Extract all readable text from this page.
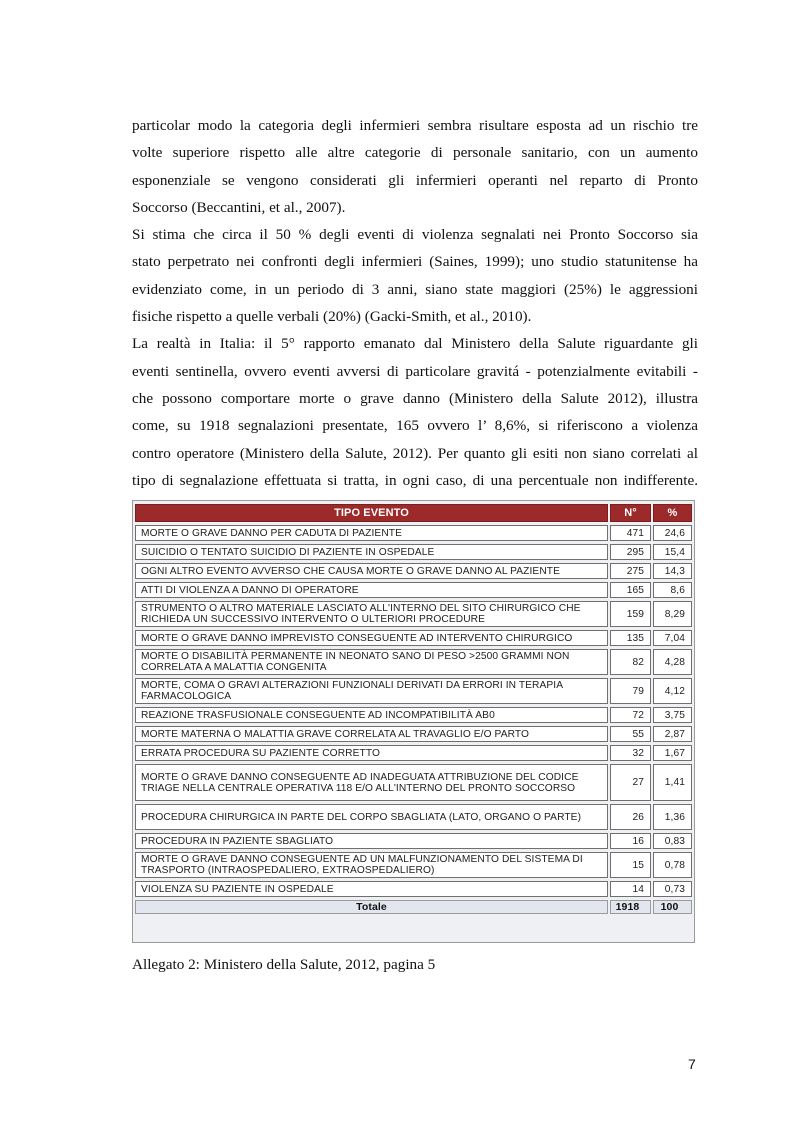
particolar modo la categoria degli infermieri sembra risultare esposta ad un rischio tre
volte superiore rispetto alle altre categorie di personale sanitario, con un aumento
esponenziale se vengono considerati gli infermieri operanti nel reparto di Pronto
Soccorso (Beccantini, et al., 2007).

Si stima che circa il 50 % degli eventi di violenza segnalati nei Pronto Soccorso sia
stato perpetrato nei confronti degli infermieri (Saines, 1999); uno studio statunitense ha
evidenziato come, in un periodo di 3 anni, siano state maggiori (25%) le aggressioni
fisiche rispetto a quelle verbali (20%) (Gacki-Smith, et al., 2010).

La realtà in Italia: il 5° rapporto emanato dal Ministero della Salute riguardante gli
eventi sentinella, ovvero eventi avversi di particolare gravitá - potenzialmente evitabili -
che possono comportare morte o grave danno (Ministero della Salute 2012), illustra
come, su 1918 segnalazioni presentate, 165 ovvero l’ 8,6%, si riferiscono a violenza
contro operatore (Ministero della Salute, 2012). Per quanto gli esiti non siano correlati al
tipo di segnalazione effettuata si tratta, in ogni caso, di una percentuale non indifferente.

TIPO EVENTO	N°	%
MORTE O GRAVE DANNO PER CADUTA DI PAZIENTE	471	24,6
SUICIDIO O TENTATO SUICIDIO DI PAZIENTE IN OSPEDALE	295	15,4
OGNI ALTRO EVENTO AVVERSO CHE CAUSA MORTE O GRAVE DANNO AL PAZIENTE	275	14,3
ATTI DI VIOLENZA A DANNO DI OPERATORE	165	8,6
STRUMENTO O ALTRO MATERIALE LASCIATO ALL'INTERNO DEL SITO CHIRURGICO CHE RICHIEDA UN SUCCESSIVO INTERVENTO O ULTERIORI PROCEDURE	159	8,29
MORTE O GRAVE DANNO IMPREVISTO CONSEGUENTE AD INTERVENTO CHIRURGICO	135	7,04
MORTE O DISABILITÀ PERMANENTE IN NEONATO SANO DI PESO >2500 GRAMMI NON CORRELATA A MALATTIA CONGENITA	82	4,28
MORTE, COMA O GRAVI ALTERAZIONI FUNZIONALI DERIVATI DA ERRORI IN TERAPIA FARMACOLOGICA	79	4,12
REAZIONE TRASFUSIONALE CONSEGUENTE AD INCOMPATIBILITÀ AB0	72	3,75
MORTE MATERNA O MALATTIA GRAVE CORRELATA AL TRAVAGLIO E/O PARTO	55	2,87
ERRATA PROCEDURA SU PAZIENTE CORRETTO	32	1,67
MORTE O GRAVE DANNO CONSEGUENTE AD INADEGUATA ATTRIBUZIONE DEL CODICE TRIAGE NELLA CENTRALE OPERATIVA 118 E/O ALL'INTERNO DEL PRONTO SOCCORSO	27	1,41
PROCEDURA CHIRURGICA IN PARTE DEL CORPO SBAGLIATA (LATO, ORGANO O PARTE)	26	1,36
PROCEDURA IN PAZIENTE SBAGLIATO	16	0,83
MORTE O GRAVE DANNO CONSEGUENTE AD UN MALFUNZIONAMENTO DEL SISTEMA DI TRASPORTO (INTRAOSPEDALIERO, EXTRAOSPEDALIERO)	15	0,78
VIOLENZA SU PAZIENTE IN OSPEDALE	14	0,73
Totale	1918	100
Allegato 2: Ministero della Salute, 2012, pagina 5
7
